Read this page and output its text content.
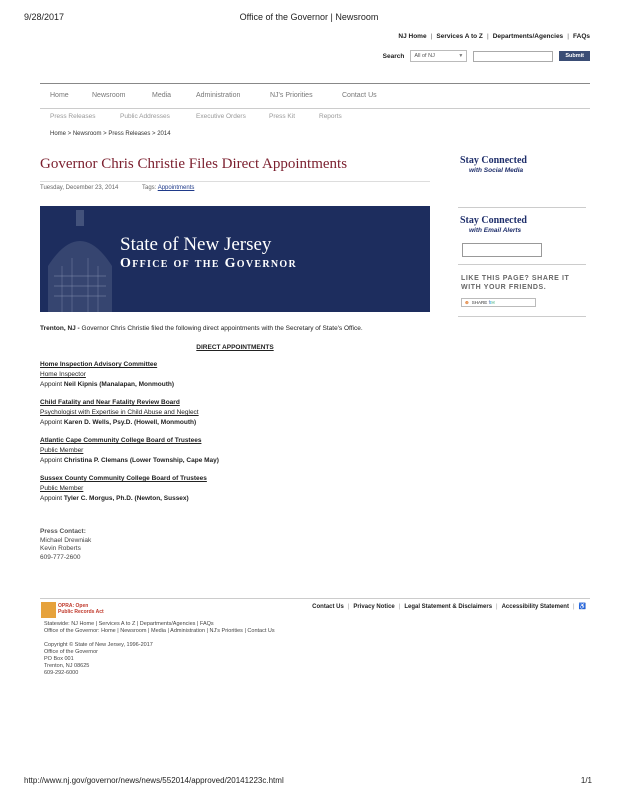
9/28/2017	Office of the Governor | Newsroom
http://www.nj.gov/governor/news/news/552014/approved/20141223c.html	1/1
NJ Home | Services A to Z | Departments/Agencies | FAQs
Search	All of NJ	▼	Submit
Home	Newsroom	Media	Administration	NJ's Priorities	Contact Us
Press Releases	Public Addresses	Executive Orders	Press Kit	Reports
Home > Newsroom > Press Releases > 2014
Governor Chris Christie Files Direct Appointments
Tuesday, December 23, 2014	Tags: Appointments
State of New Jersey
Office of the Governor
Trenton, NJ - Governor Chris Christie filed the following direct appointments with the Secretary of State's Office.
DIRECT APPOINTMENTS
Home Inspection Advisory Committee
Home Inspector
Appoint Neil Kipnis (Manalapan, Monmouth)
Child Fatality and Near Fatality Review Board
Psychologist with Expertise in Child Abuse and Neglect
Appoint Karen D. Wells, Psy.D. (Howell, Monmouth)
Atlantic Cape Community College Board of Trustees
Public Member
Appoint Christina P. Clemans (Lower Township, Cape May)
Sussex County Community College Board of Trustees
Public Member
Appoint Tyler C. Morgus, Ph.D. (Newton, Sussex)
Press Contact:
Michael Drewniak
Kevin Roberts
609-777-2600
Stay Connected
with Social Media
Stay Connected
with Email Alerts
LIKE THIS PAGE? SHARE IT
WITH YOUR FRIENDS.
⊕ SHARE ft✉
OPRA: Open
Public Records Act
Contact Us | Privacy Notice | Legal Statement & Disclaimers | Accessibility Statement | ♿
Statewide: NJ Home | Services A to Z | Departments/Agencies | FAQs
Office of the Governor: Home | Newsroom | Media | Administration | NJ's Priorities | Contact Us
Copyright © State of New Jersey, 1996-2017
Office of the Governor
PO Box 001
Trenton, NJ 08625
609-292-6000
